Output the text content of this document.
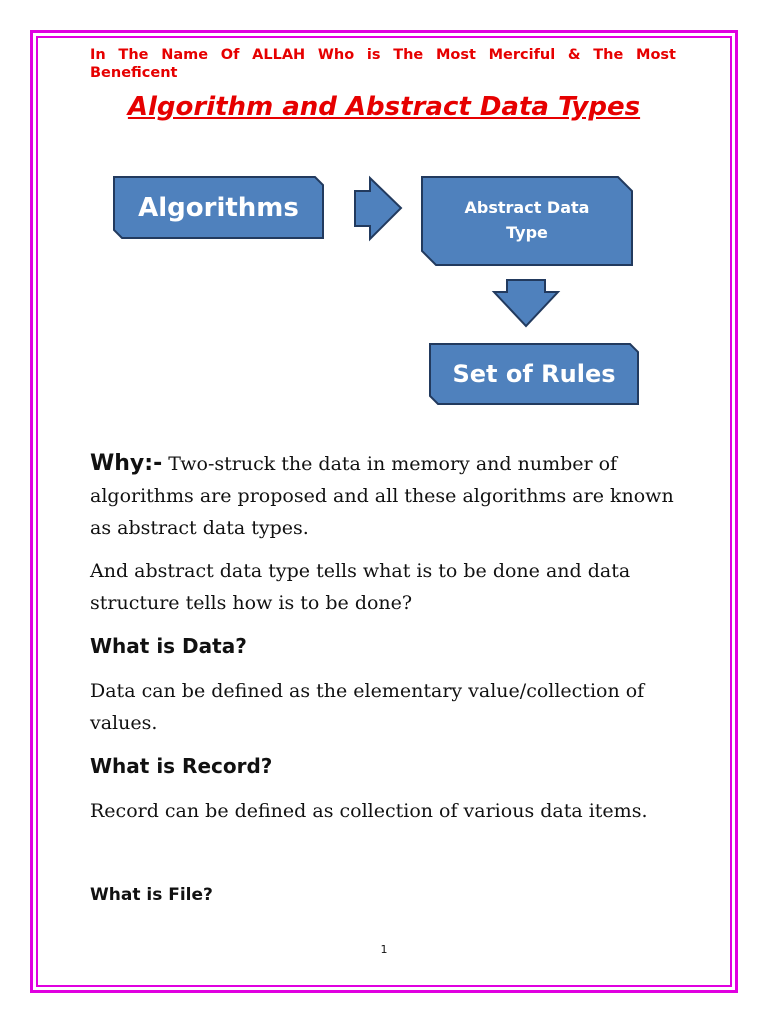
In The Name Of ALLAH Who is The Most Merciful & The Most Beneficent
Algorithm and Abstract Data Types
Algorithms	Abstract Data
Type
Set of Rules
Why:- Two-struck the data in memory and number of algorithms are proposed and all these algorithms are known as abstract data types.
And abstract data type tells what is to be done and data structure tells how is to be done?
What is Data?
Data can be defined as the elementary value/collection of values.
What is Record?
Record can be defined as collection of various data items.
What is File?
1
